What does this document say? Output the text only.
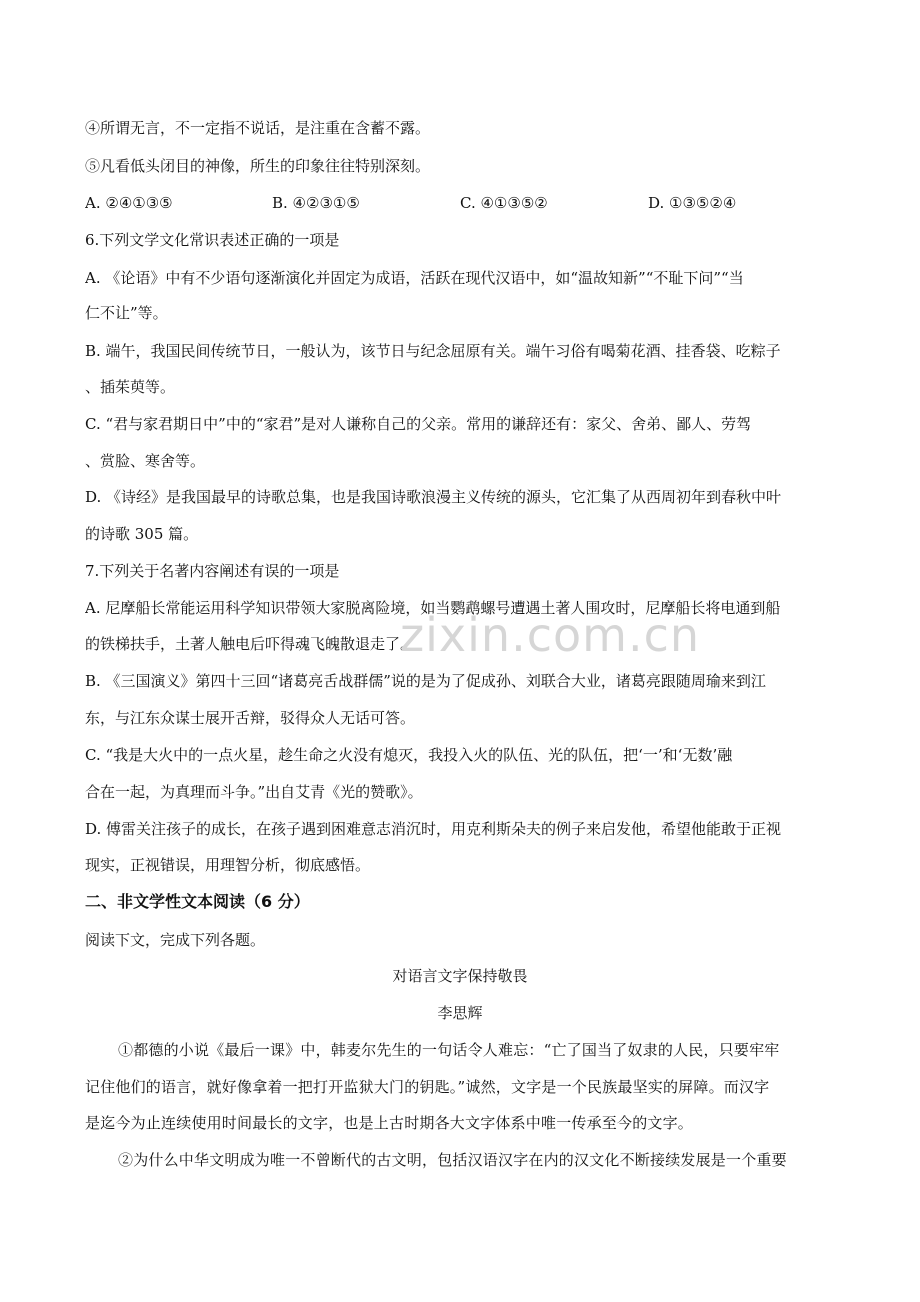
④所谓无言，不一定指不说话，是注重在含蓄不露。
⑤凡看低头闭目的神像，所生的印象往往特别深刻。
A. ②④①③⑤	B. ④②③①⑤	C. ④①③⑤②	D. ①③⑤②④
6.下列文学文化常识表述正确的一项是
A. 《论语》中有不少语句逐渐演化并固定为成语，活跃在现代汉语中，如“温故知新”“不耻下问”“当
仁不让”等。
B. 端午，我国民间传统节日，一般认为，该节日与纪念屈原有关。端午习俗有喝菊花酒、挂香袋、吃粽子
、插茱萸等。
C. “君与家君期日中”中的“家君”是对人谦称自己的父亲。常用的谦辞还有：家父、舍弟、鄙人、劳驾
、赏脸、寒舍等。
D. 《诗经》是我国最早的诗歌总集，也是我国诗歌浪漫主义传统的源头，它汇集了从西周初年到春秋中叶
的诗歌 305 篇。
7.下列关于名著内容阐述有误的一项是
A. 尼摩船长常能运用科学知识带领大家脱离险境，如当鹦鹉螺号遭遇土著人围攻时，尼摩船长将电通到船
的铁梯扶手，土著人触电后吓得魂飞魄散退走了。
B. 《三国演义》第四十三回“诸葛亮舌战群儒”说的是为了促成孙、刘联合大业，诸葛亮跟随周瑜来到江
东，与江东众谋士展开舌辩，驳得众人无话可答。
C. “我是大火中的一点火星，趁生命之火没有熄灭，我投入火的队伍、光的队伍，把‘一’和‘无数’融
合在一起，为真理而斗争。”出自艾青《光的赞歌》。
D. 傅雷关注孩子的成长，在孩子遇到困难意志消沉时，用克利斯朵夫的例子来启发他，希望他能敢于正视
现实，正视错误，用理智分析，彻底感悟。
二、非文学性文本阅读（6 分）
阅读下文，完成下列各题。
对语言文字保持敬畏
李思辉
①都德的小说《最后一课》中，韩麦尔先生的一句话令人难忘：“亡了国当了奴隶的人民，只要牢牢
记住他们的语言，就好像拿着一把打开监狱大门的钥匙。”诚然，文字是一个民族最坚实的屏障。而汉字
是迄今为止连续使用时间最长的文字，也是上古时期各大文字体系中唯一传承至今的文字。
②为什么中华文明成为唯一不曾断代的古文明，包括汉语汉字在内的汉文化不断接续发展是一个重要
zixin.com.cn
